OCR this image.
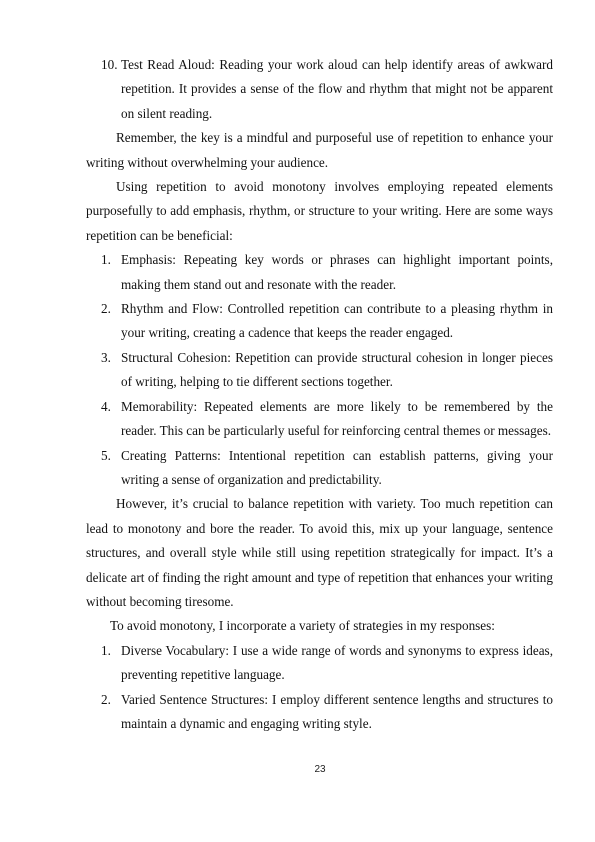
10. Test Read Aloud: Reading your work aloud can help identify areas of awkward repetition. It provides a sense of the flow and rhythm that might not be apparent on silent reading.

Remember, the key is a mindful and purposeful use of repetition to enhance your writing without overwhelming your audience.

Using repetition to avoid monotony involves employing repeated elements purposefully to add emphasis, rhythm, or structure to your writing. Here are some ways repetition can be beneficial:

1. Emphasis: Repeating key words or phrases can highlight important points, making them stand out and resonate with the reader.
2. Rhythm and Flow: Controlled repetition can contribute to a pleasing rhythm in your writing, creating a cadence that keeps the reader engaged.
3. Structural Cohesion: Repetition can provide structural cohesion in longer pieces of writing, helping to tie different sections together.
4. Memorability: Repeated elements are more likely to be remembered by the reader. This can be particularly useful for reinforcing central themes or messages.
5. Creating Patterns: Intentional repetition can establish patterns, giving your writing a sense of organization and predictability.

However, it’s crucial to balance repetition with variety. Too much repetition can lead to monotony and bore the reader. To avoid this, mix up your language, sentence structures, and overall style while still using repetition strategically for impact. It’s a delicate art of finding the right amount and type of repetition that enhances your writing without becoming tiresome.

To avoid monotony, I incorporate a variety of strategies in my responses:

1. Diverse Vocabulary: I use a wide range of words and synonyms to express ideas, preventing repetitive language.
2. Varied Sentence Structures: I employ different sentence lengths and structures to maintain a dynamic and engaging writing style.
23
